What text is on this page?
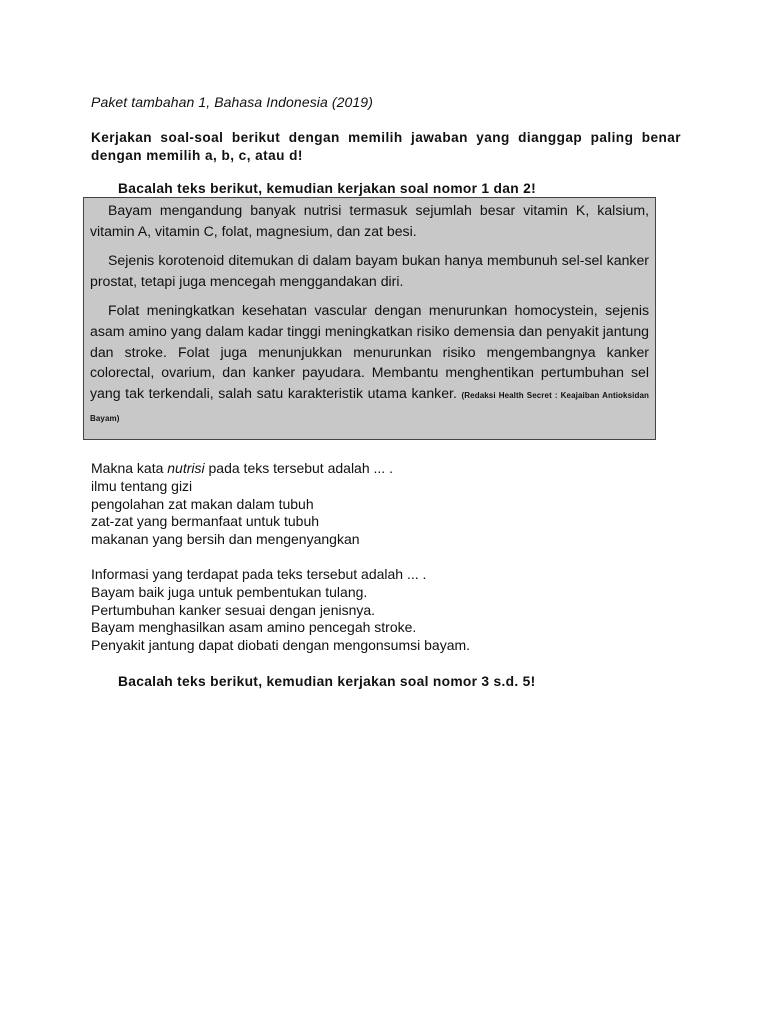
Paket tambahan 1, Bahasa Indonesia (2019)
Kerjakan soal-soal berikut dengan memilih jawaban yang dianggap paling benar dengan memilih a, b, c, atau d!
Bacalah teks berikut, kemudian kerjakan soal nomor 1 dan 2!

Bayam mengandung banyak nutrisi termasuk sejumlah besar vitamin K, kalsium, vitamin A, vitamin C, folat, magnesium, dan zat besi.

Sejenis korotenoid ditemukan di dalam bayam bukan hanya membunuh sel-sel kanker prostat, tetapi juga mencegah menggandakan diri.

Folat meningkatkan kesehatan vascular dengan menurunkan homocystein, sejenis asam amino yang dalam kadar tinggi meningkatkan risiko demensia dan penyakit jantung dan stroke. Folat juga menunjukkan menurunkan risiko mengembangnya kanker colorectal, ovarium, dan kanker payudara. Membantu menghentikan pertumbuhan sel yang tak terkendali, salah satu karakteristik utama kanker. (Redaksi Health Secret : Keajaiban Antioksidan Bayam)

Makna kata nutrisi pada teks tersebut adalah ... .
ilmu tentang gizi
pengolahan zat makan dalam tubuh
zat-zat yang bermanfaat untuk tubuh
makanan yang bersih dan mengenyangkan
Informasi yang terdapat pada teks tersebut adalah ... .
Bayam baik juga untuk pembentukan tulang.
Pertumbuhan kanker sesuai dengan jenisnya.
Bayam menghasilkan asam amino pencegah stroke.
Penyakit jantung dapat diobati dengan mengonsumsi bayam.
Bacalah teks berikut, kemudian kerjakan soal nomor 3 s.d. 5!
